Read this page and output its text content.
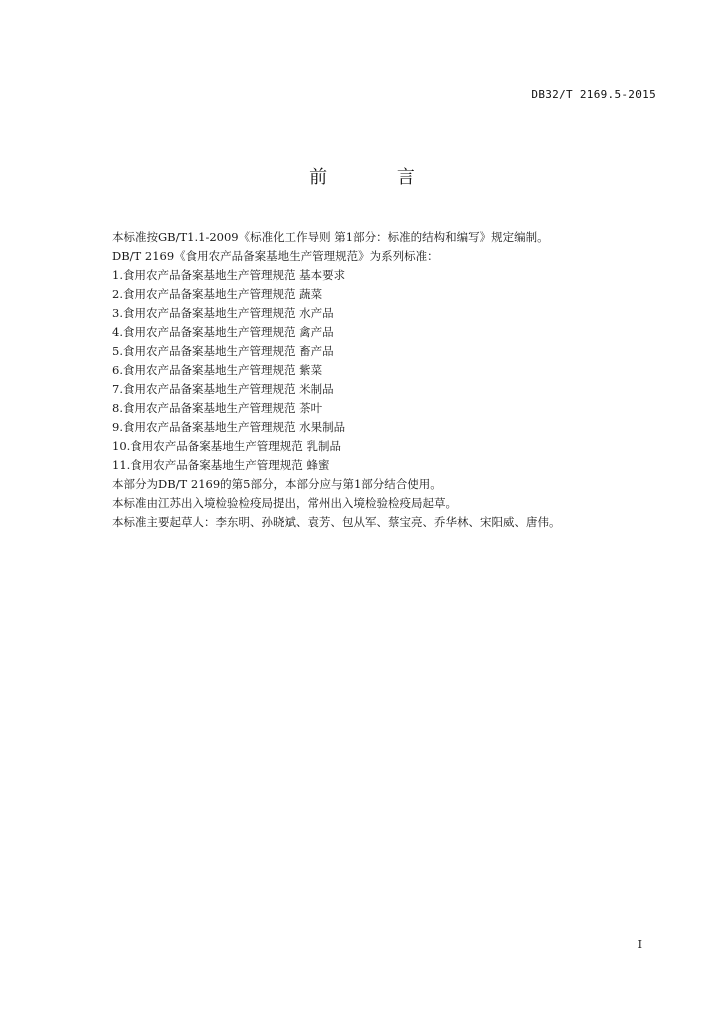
DB32/T 2169.5-2015
前 言

本标准按GB/T1.1-2009《标准化工作导则 第1部分：标准的结构和编写》规定编制。

DB/T 2169《食用农产品备案基地生产管理规范》为系列标准：

1.食用农产品备案基地生产管理规范 基本要求

2.食用农产品备案基地生产管理规范 蔬菜

3.食用农产品备案基地生产管理规范 水产品

4.食用农产品备案基地生产管理规范 禽产品

5.食用农产品备案基地生产管理规范 畜产品

6.食用农产品备案基地生产管理规范 紫菜

7.食用农产品备案基地生产管理规范 米制品

8.食用农产品备案基地生产管理规范 茶叶

9.食用农产品备案基地生产管理规范 水果制品

10.食用农产品备案基地生产管理规范 乳制品

11.食用农产品备案基地生产管理规范 蜂蜜

本部分为DB/T 2169的第5部分，本部分应与第1部分结合使用。

本标准由江苏出入境检验检疫局提出，常州出入境检验检疫局起草。

本标准主要起草人：李东明、孙晓斌、袁芳、包从军、蔡宝亮、乔华林、宋阳威、唐伟。

I
